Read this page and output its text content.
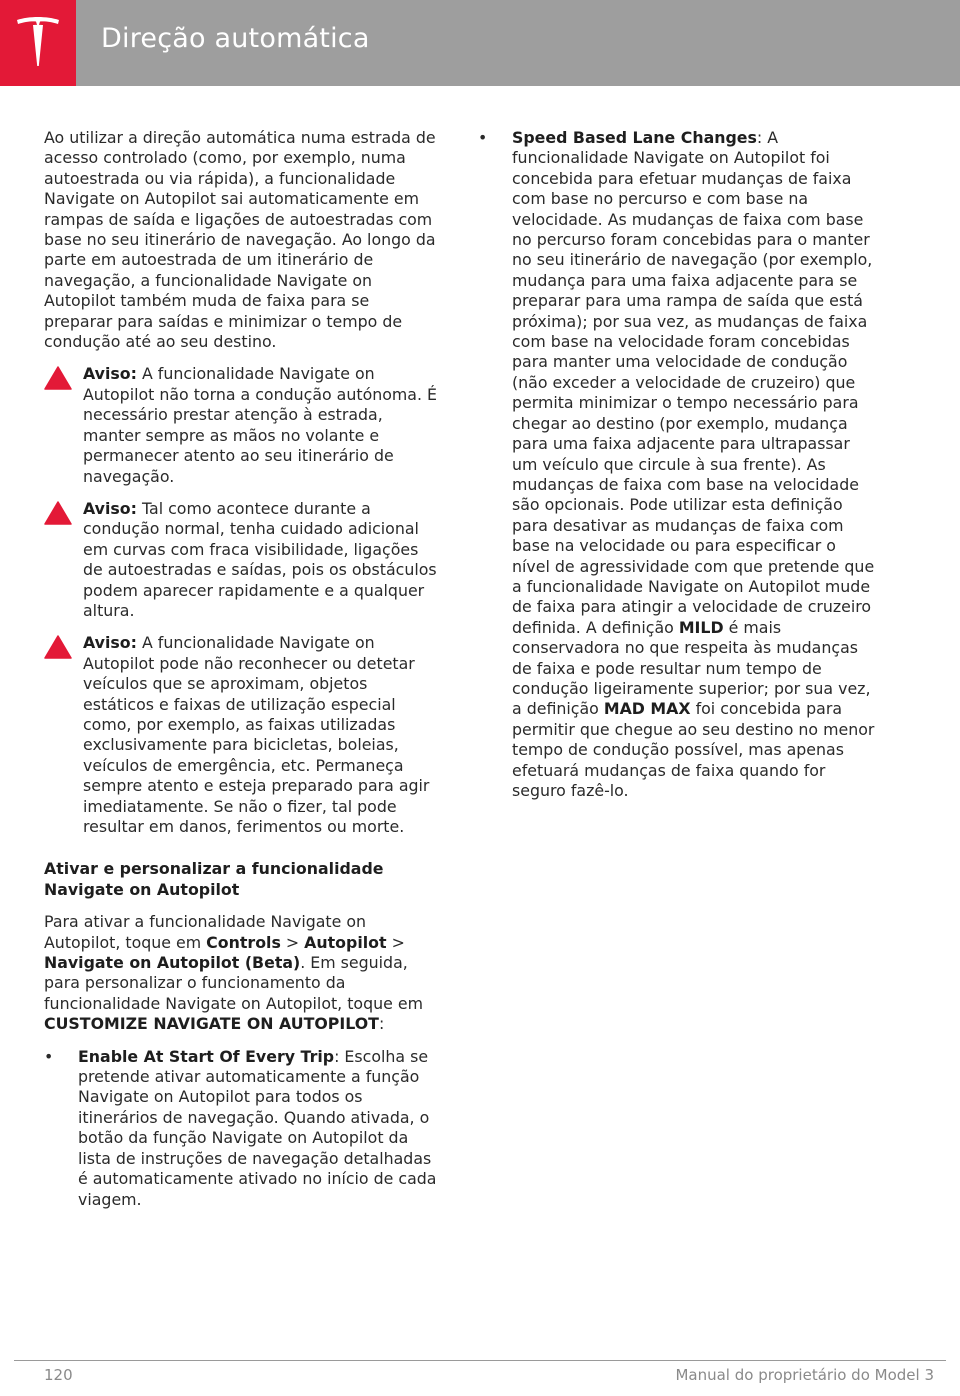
Direção automática

Ao utilizar a direção automática numa estrada de acesso controlado (como, por exemplo, numa autoestrada ou via rápida), a funcionalidade Navigate on Autopilot sai automaticamente em rampas de saída e ligações de autoestradas com base no seu itinerário de navegação. Ao longo da parte em autoestrada de um itinerário de navegação, a funcionalidade Navigate on Autopilot também muda de faixa para se preparar para saídas e minimizar o tempo de condução até ao seu destino.

Aviso: A funcionalidade Navigate on Autopilot não torna a condução autónoma. É necessário prestar atenção à estrada, manter sempre as mãos no volante e permanecer atento ao seu itinerário de navegação.
Aviso: Tal como acontece durante a condução normal, tenha cuidado adicional em curvas com fraca visibilidade, ligações de autoestradas e saídas, pois os obstáculos podem aparecer rapidamente e a qualquer altura.
Aviso: A funcionalidade Navigate on Autopilot pode não reconhecer ou detetar veículos que se aproximam, objetos estáticos e faixas de utilização especial como, por exemplo, as faixas utilizadas exclusivamente para bicicletas, boleias, veículos de emergência, etc. Permaneça sempre atento e esteja preparado para agir imediatamente. Se não o fizer, tal pode resultar em danos, ferimentos ou morte.
Ativar e personalizar a funcionalidade Navigate on Autopilot

Para ativar a funcionalidade Navigate on Autopilot, toque em Controls > Autopilot > Navigate on Autopilot (Beta). Em seguida, para personalizar o funcionamento da funcionalidade Navigate on Autopilot, toque em CUSTOMIZE NAVIGATE ON AUTOPILOT:

• Enable At Start Of Every Trip: Escolha se pretende ativar automaticamente a função Navigate on Autopilot para todos os itinerários de navegação. Quando ativada, o botão da função Navigate on Autopilot da lista de instruções de navegação detalhadas é automaticamente ativado no início de cada viagem.
• Speed Based Lane Changes: A funcionalidade Navigate on Autopilot foi concebida para efetuar mudanças de faixa com base no percurso e com base na velocidade. As mudanças de faixa com base no percurso foram concebidas para o manter no seu itinerário de navegação (por exemplo, mudança para uma faixa adjacente para se preparar para uma rampa de saída que está próxima); por sua vez, as mudanças de faixa com base na velocidade foram concebidas para manter uma velocidade de condução (não exceder a velocidade de cruzeiro) que permita minimizar o tempo necessário para chegar ao destino (por exemplo, mudança para uma faixa adjacente para ultrapassar um veículo que circule à sua frente). As mudanças de faixa com base na velocidade são opcionais. Pode utilizar esta definição para desativar as mudanças de faixa com base na velocidade ou para especificar o nível de agressividade com que pretende que a funcionalidade Navigate on Autopilot mude de faixa para atingir a velocidade de cruzeiro definida. A definição MILD é mais conservadora no que respeita às mudanças de faixa e pode resultar num tempo de condução ligeiramente superior; por sua vez, a definição MAD MAX foi concebida para permitir que chegue ao seu destino no menor tempo de condução possível, mas apenas efetuará mudanças de faixa quando for seguro fazê-lo.
120	Manual do proprietário do Model 3
